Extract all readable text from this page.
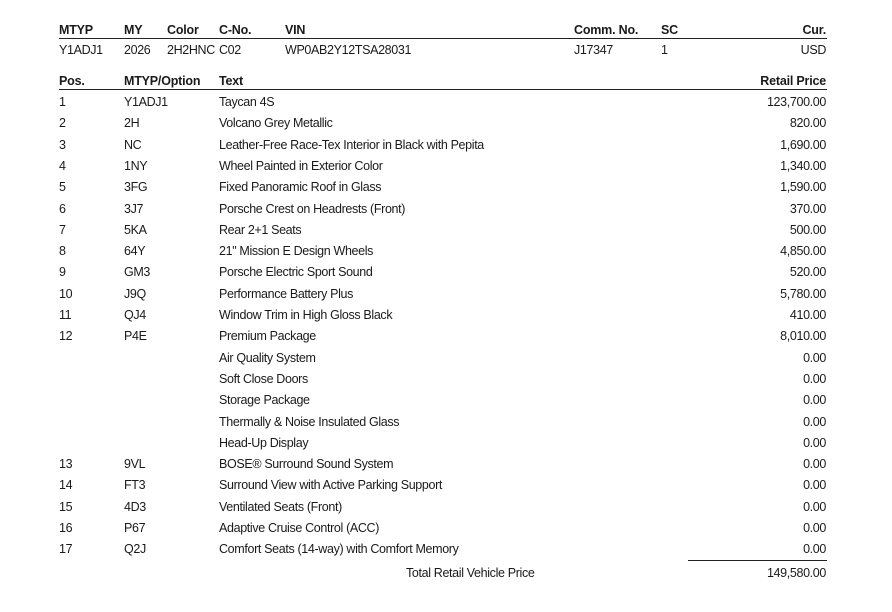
MTYP MY Color C-No.	VIN	Comm. No. SC	Cur.
Y1ADJ1 2026 2H2HNC C02	WP0AB2Y12TSA28031	J17347	1	USD
Pos.	MTYP/Option Text	Retail Price
1	Y1ADJ1	Taycan 4S	123,700.00
2	2H	Volcano Grey Metallic	820.00
3	NC	Leather-Free Race-Tex Interior in Black with Pepita	1,690.00
4	1NY	Wheel Painted in Exterior Color	1,340.00
5	3FG	Fixed Panoramic Roof in Glass	1,590.00
6	3J7	Porsche Crest on Headrests (Front)	370.00
7	5KA	Rear 2+1 Seats	500.00
8	64Y	21" Mission E Design Wheels	4,850.00
9	GM3	Porsche Electric Sport Sound	520.00
10	J9Q	Performance Battery Plus	5,780.00
11	QJ4	Window Trim in High Gloss Black	410.00
12	P4E	Premium Package	8,010.00
Air Quality System	0.00
Soft Close Doors	0.00
Storage Package	0.00
Thermally & Noise Insulated Glass	0.00
Head-Up Display	0.00
13	9VL	BOSE® Surround Sound System	0.00
14	FT3	Surround View with Active Parking Support	0.00
15	4D3	Ventilated Seats (Front)	0.00
16	P67	Adaptive Cruise Control (ACC)	0.00
17	Q2J	Comfort Seats (14-way) with Comfort Memory	0.00
Total Retail Vehicle Price	149,580.00
